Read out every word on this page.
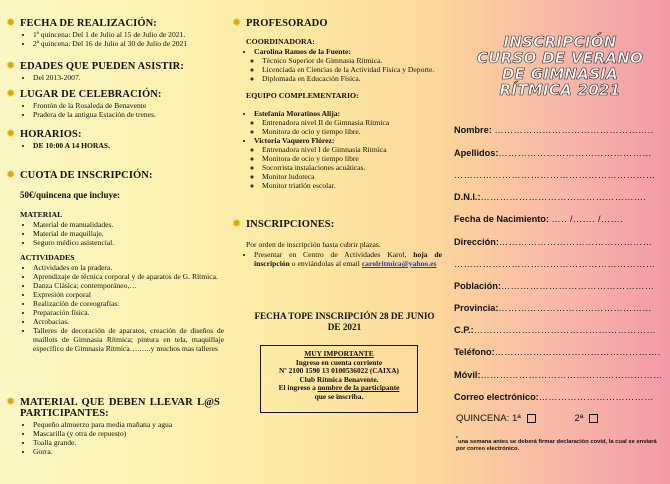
✹ FECHA DE REALIZACIÓN:
• 1ª quincena: Del 1 de Julio al 15 de Julio de 2021.
• 2ª quincena: Del 16 de Julio al 30 de Julio de 2021
✹ EDADES QUE PUEDEN ASISTIR:
• Del 2013-2007.
✹ LUGAR DE CELEBRACIÓN:
• Frontón de la Rosaleda de Benavente
• Pradera de la antigua Estación de trenes.
✹ HORARIOS:
• DE 10:00 A 14 HORAS.
✹ CUOTA DE INSCRIPCIÓN:
50€/quincena que incluye:
MATERIAL
• Material de manualidades.
• Material de maquillaje.
• Seguro médico asistencial.
ACTIVIDADES
• Actividades en la pradera.
• Aprendizaje de técnica corporal y de aparatos de G. Rítmica.
• Danza Clásica; contemporáneo,…
• Expresión corporal
• Realización de coreografías.
• Preparación física.
• Acrobacias.
• Talleres de decoración de aparatos, creación de diseños de maillots de Gimnasia Rítmica; pintura en tela, maquillaje específico de Gimnasia Rítmica….…..y muchos mas talleres
✹ MATERIAL QUE DEBEN LLEVAR L@S PARTICIPANTES:
• Pequeño almuerzo para media mañana y agua
• Mascarilla (y otra de repuesto)
• Toalla grande.
• Gorra.
✹ PROFESORADO
COORDINADORA:
• Carolina Ramos de la Fuente:
◦ Técnico Superior de Gimnasia Rítmica.
◦ Licenciada en Ciencias de la Actividad Física y Deporte.
◦ Diplomada en Educación Física.
EQUIPO COMPLEMENTARIO:
• Estefanía Moratinos Alija:
◦ Entrenadora nivel II de Gimnasia Rítmica
◦ Monitora de ocio y tiempo libre.
• Victoria Vaquero Flórez:
◦ Entrenadora nivel I de Gimnasia Rítmica
◦ Monitora de ocio y tiempo libre
◦ Socorrista instalaciones acuáticas.
◦ Monitor ludoteca
◦ Monitor triatlón escolar.
✹ INSCRIPCIONES:
Por orden de inscripción hasta cubrir plazas.
• Presentar en Centro de Actividades Karol, hoja de inscripción o envíándolas al email carolritmica@yahoo.es
FECHA TOPE INSCRIPCIÓN 28 DE JUNIO DE 2021
MUY IMPORTANTE
Ingreso en cuenta corriente
Nº 2100 1590 13 0100536022 (CAIXA)
Club Rítmica Benavente.
El ingreso a nombre de la participante
que se inscriba.
INSCRIPCIÓN
CURSO DE VERANO
DE GIMNASIA
RÍTMICA 2021
Nombre: …………………………………………..
Apellidos:…………………………………………
………………………………………………………
D.N.I.:…………………………………………….
Fecha de Nacimiento: ….. /……. /…….
Dirección:…………………………………………
………………………………………………………
Población:…………………………………………
Provincia:…………………………………………
C.P.:…………………………………………………
Teléfono:…………………………………………….
Móvil:…………………………………………………
Correo electrónico:………………………………
QUINCENA: 1ª	2ª
*una semana antes se deberá firmar declaración covid, la cual se enviará por correo electrónico.
